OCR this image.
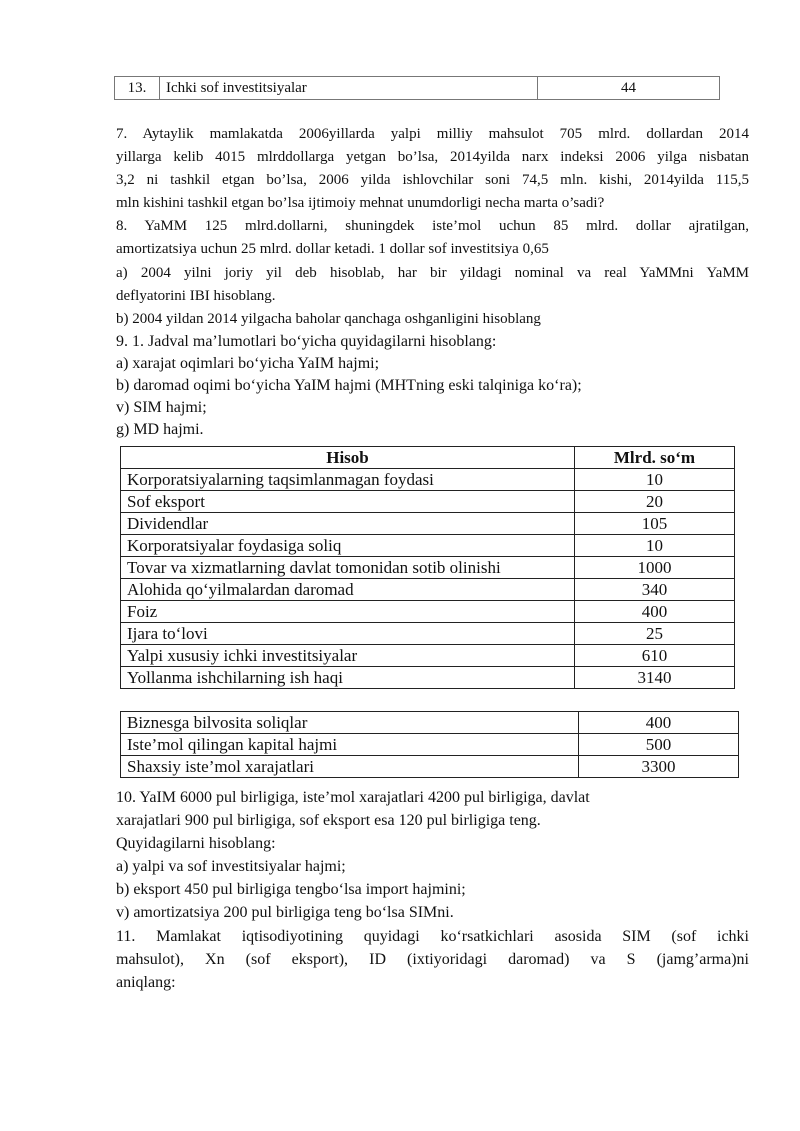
13.	Ichki sof investitsiyalar	44
7. Aytaylik mamlakatda 2006yillarda yalpi milliy mahsulot 705 mlrd. dollardan 2014
yillarga kelib 4015 mlrddollarga yetgan bo’lsa, 2014yilda narx indeksi 2006 yilga nisbatan
3,2 ni tashkil etgan bo’lsa, 2006 yilda ishlovchilar soni 74,5 mln. kishi, 2014yilda 115,5
mln kishini tashkil etgan bo’lsa ijtimoiy mehnat unumdorligi necha marta o’sadi?
8. YaMM 125 mlrd.dollarni, shuningdek iste’mol uchun 85 mlrd. dollar ajratilgan,
amortizatsiya uchun 25 mlrd. dollar ketadi. 1 dollar sof investitsiya 0,65
a) 2004 yilni joriy yil deb hisoblab, har bir yildagi nominal va real YaMMni YaMM
deflyatorini IBI hisoblang.
b) 2004 yildan 2014 yilgacha baholar qanchaga oshganligini hisoblang
9. 1. Jadval ma’lumotlari bo‘yicha quyidagilarni hisoblang:
a) xarajat oqimlari bo‘yicha YaIM hajmi;
b) daromad oqimi bo‘yicha YaIM hajmi (MHTning eski talqiniga ko‘ra);
v) SIM hajmi;
g) MD hajmi.
Hisob	Mlrd. so‘m
Korporatsiyalarning taqsimlanmagan foydasi	10
Sof eksport	20
Dividendlar	105
Korporatsiyalar foydasiga soliq	10
Tovar va xizmatlarning davlat tomonidan sotib olinishi	1000
Alohida qo‘yilmalardan daromad	340
Foiz	400
Ijara to‘lovi	25
Yalpi xususiy ichki investitsiyalar	610
Yollanma ishchilarning ish haqi	3140
Biznesga bilvosita soliqlar	400
Iste’mol qilingan kapital hajmi	500
Shaxsiy iste’mol xarajatlari	3300
10. YaIM 6000 pul birligiga, iste’mol xarajatlari 4200 pul birligiga, davlat
xarajatlari 900 pul birligiga, sof eksport esa 120 pul birligiga teng.
Quyidagilarni hisoblang:
a) yalpi va sof investitsiyalar hajmi;
b) eksport 450 pul birligiga tengbo‘lsa import hajmini;
v) amortizatsiya 200 pul birligiga teng bo‘lsa SIMni.
11. Mamlakat iqtisodiyotining quyidagi ko‘rsatkichlari asosida SIM (sof ichki
mahsulot), Xn (sof eksport), ID (ixtiyoridagi daromad) va S (jamg’arma)ni
aniqlang:
